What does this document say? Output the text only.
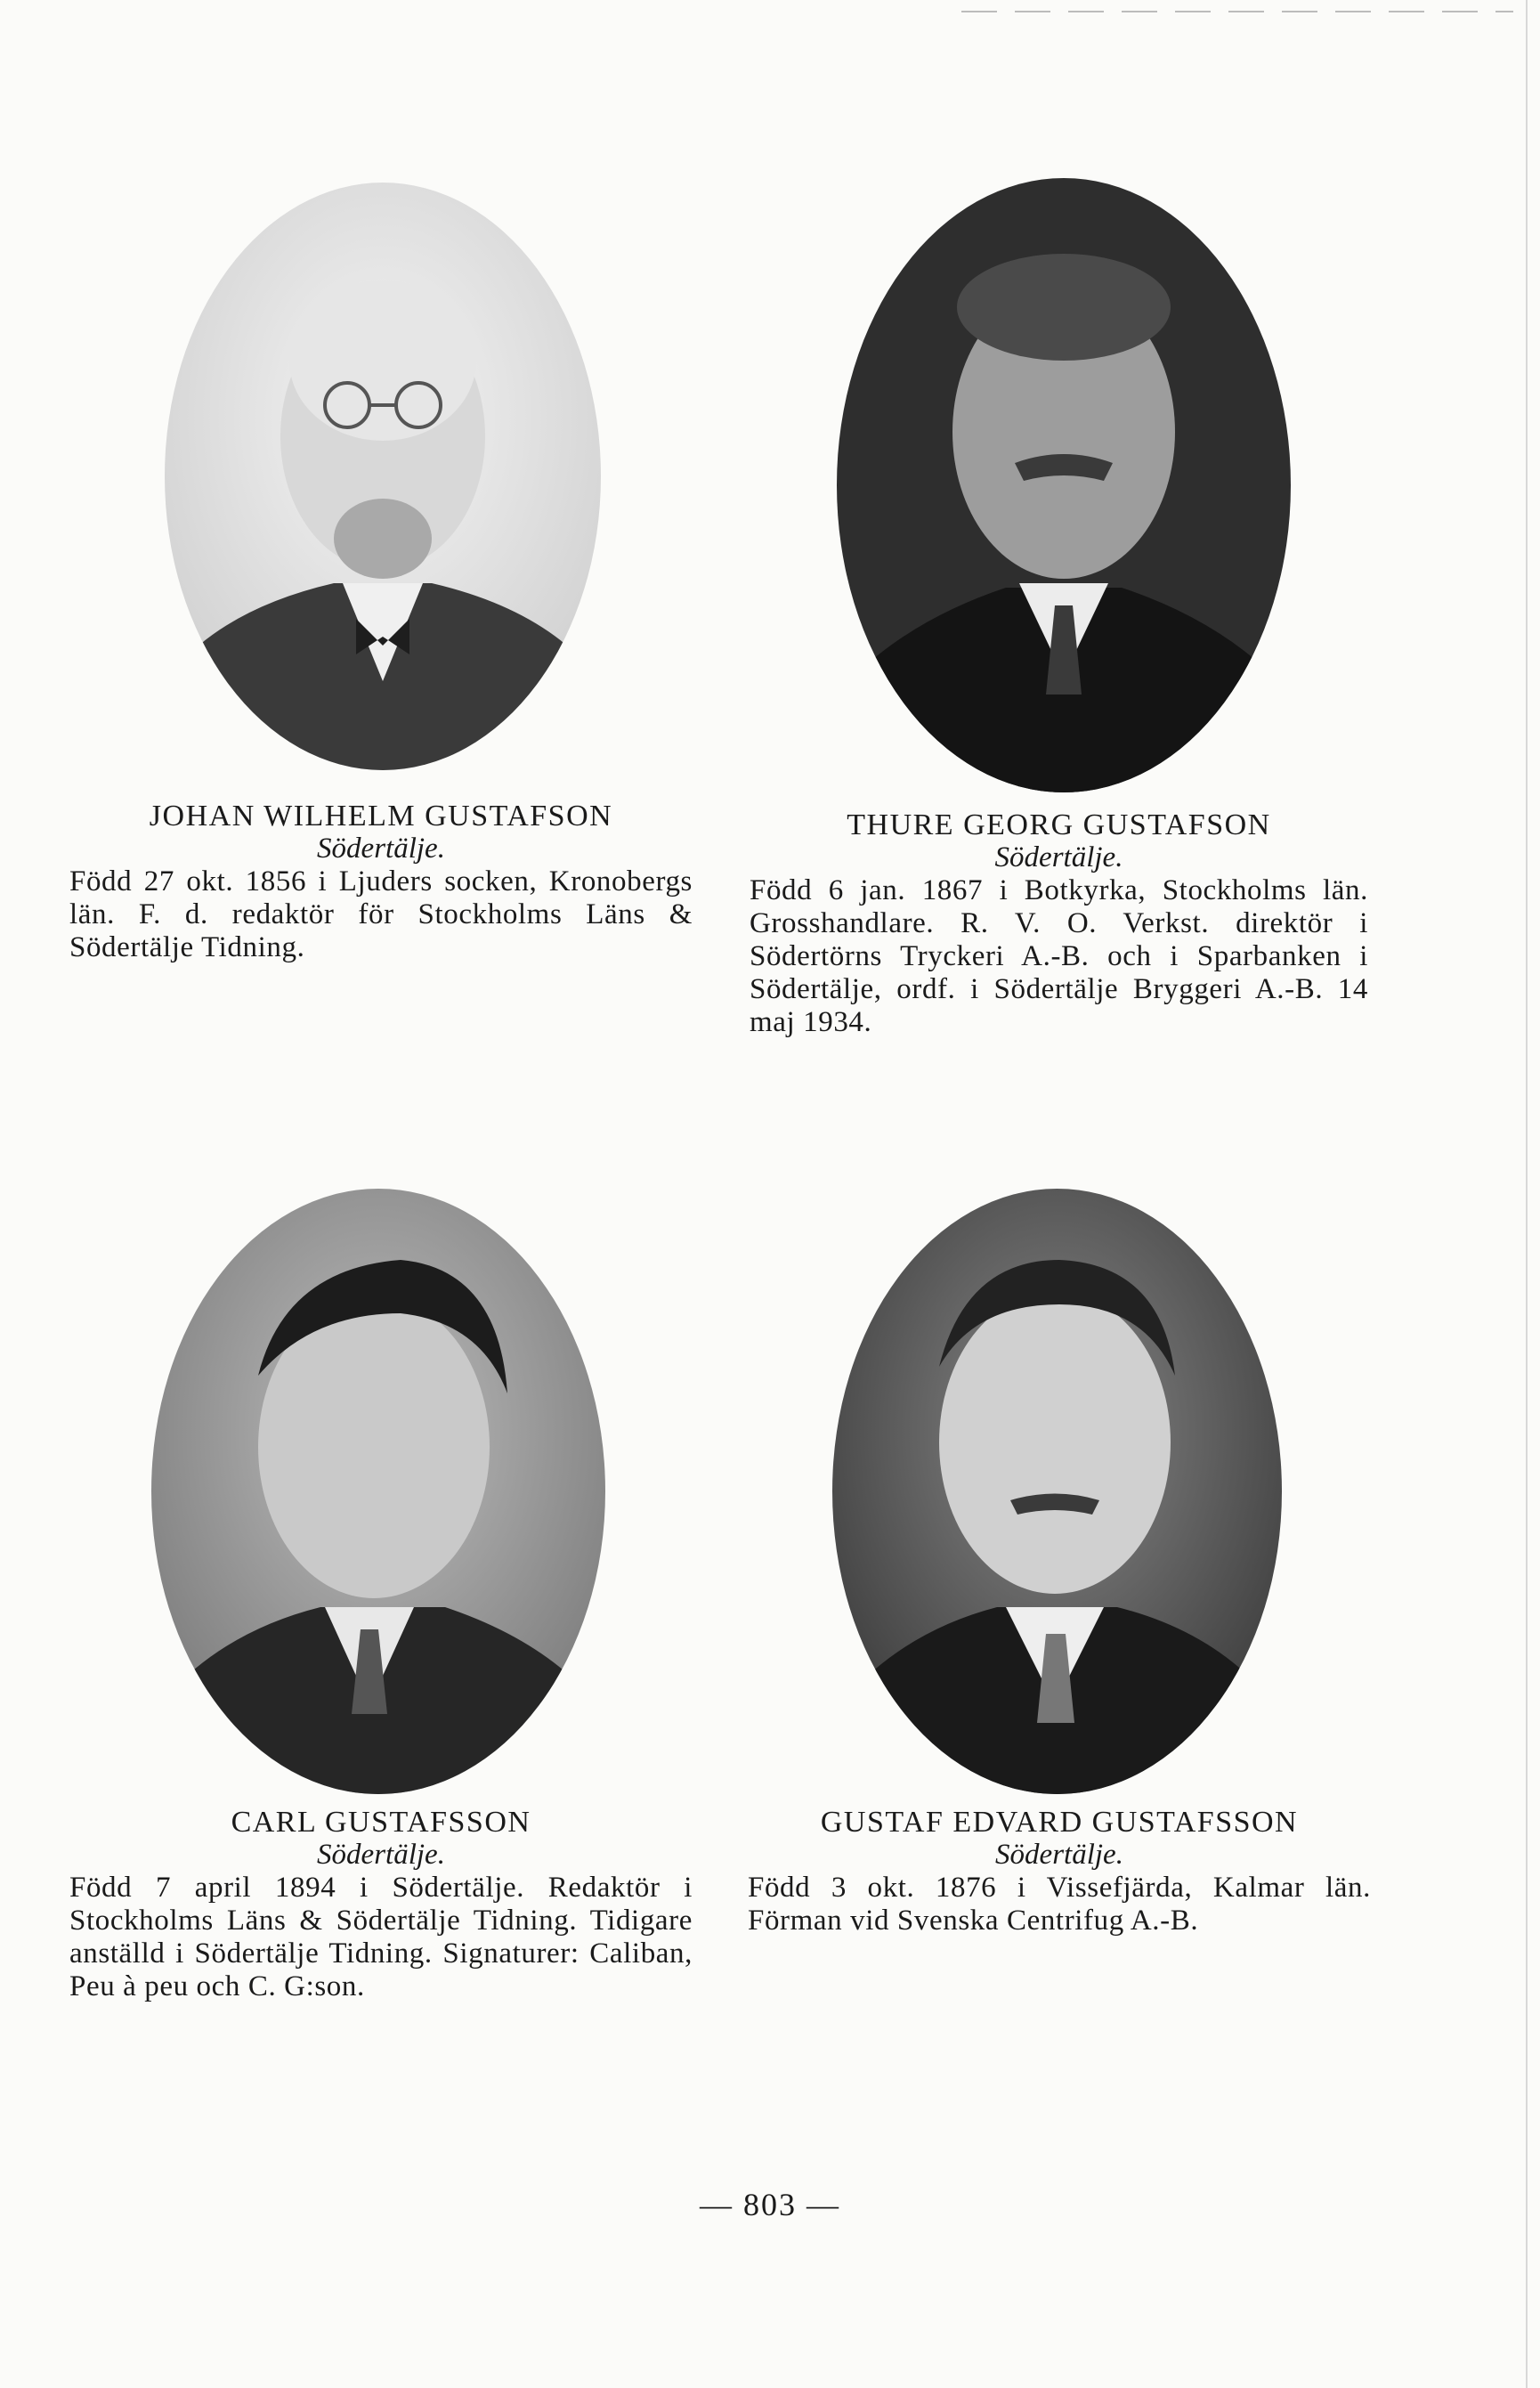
JOHAN WILHELM GUSTAFSON
Södertälje.
Född 27 okt. 1856 i Ljuders socken, Kronobergs län. F. d. redaktör för Stockholms Läns & Södertälje Tidning.
THURE GEORG GUSTAFSON
Södertälje.
Född 6 jan. 1867 i Botkyrka, Stockholms län. Grosshandlare. R. V. O. Verkst. direktör i Södertörns Tryckeri A.-B. och i Sparbanken i Södertälje, ordf. i Södertälje Bryggeri A.-B. 14 maj 1934.
CARL GUSTAFSSON
Södertälje.
Född 7 april 1894 i Södertälje. Redaktör i Stockholms Läns & Södertälje Tidning. Tidigare anställd i Södertälje Tidning. Signaturer: Caliban, Peu à peu och C. G:son.
GUSTAF EDVARD GUSTAFSSON
Södertälje.
Född 3 okt. 1876 i Vissefjärda, Kalmar län. Förman vid Svenska Centrifug A.-B.
— 803 —
